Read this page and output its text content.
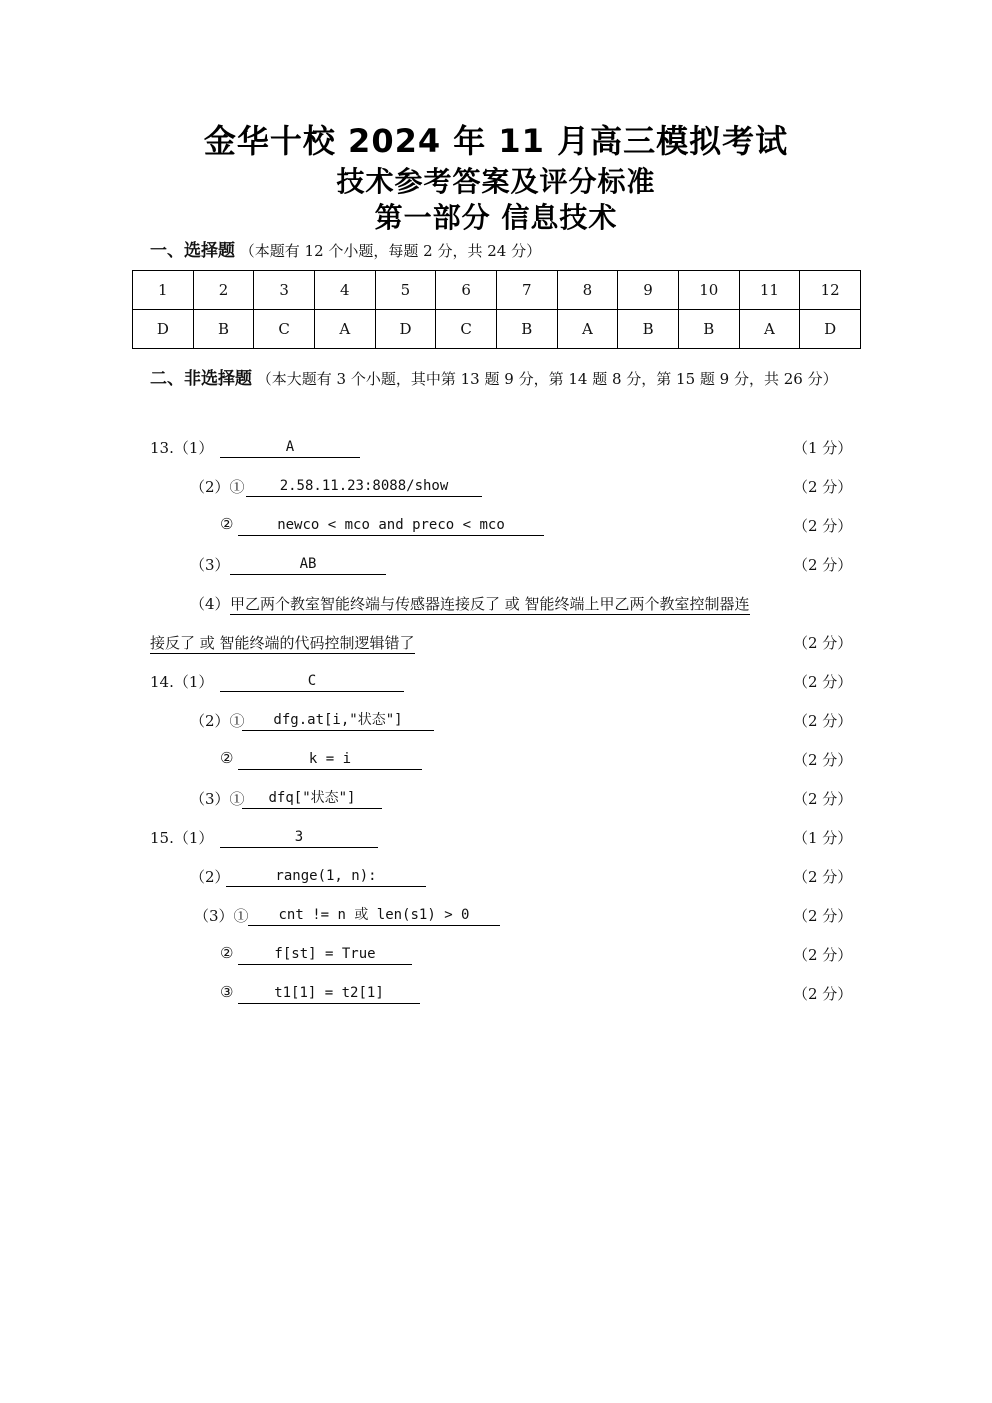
金华十校 2024 年 11 月高三模拟考试
技术参考答案及评分标准
第一部分 信息技术
一、选择题 （本题有 12 个小题，每题 2 分，共 24 分）
1	2	3	4	5	6	7	8	9	10	11	12
D	B	C	A	D	C	B	A	B	B	A	D
二、非选择题 （本大题有 3 个小题，其中第 13 题 9 分，第 14 题 8 分，第 15 题 9 分，共 26 分）
13.（1）	A	（1 分）
（2）①	2.58.11.23:8088/show	（2 分）
②	newco < mco and preco < mco	（2 分）
（3）	AB	（2 分）
（4） 甲乙两个教室智能终端与传感器连接反了 或 智能终端上甲乙两个教室控制器连
接反了 或 智能终端的代码控制逻辑错了	（2 分）
14.（1）	C	（2 分）
（2）①	dfg.at[i,"状态"]	（2 分）
②	k = i	（2 分）
（3）①	dfq["状态"]	（2 分）
15.（1）	3	（1 分）
（2）	range(1, n):	（2 分）
（3）①	cnt != n 或 len(s1) > 0	（2 分）
②	f[st] = True	（2 分）
③	t1[1] = t2[1]	（2 分）
